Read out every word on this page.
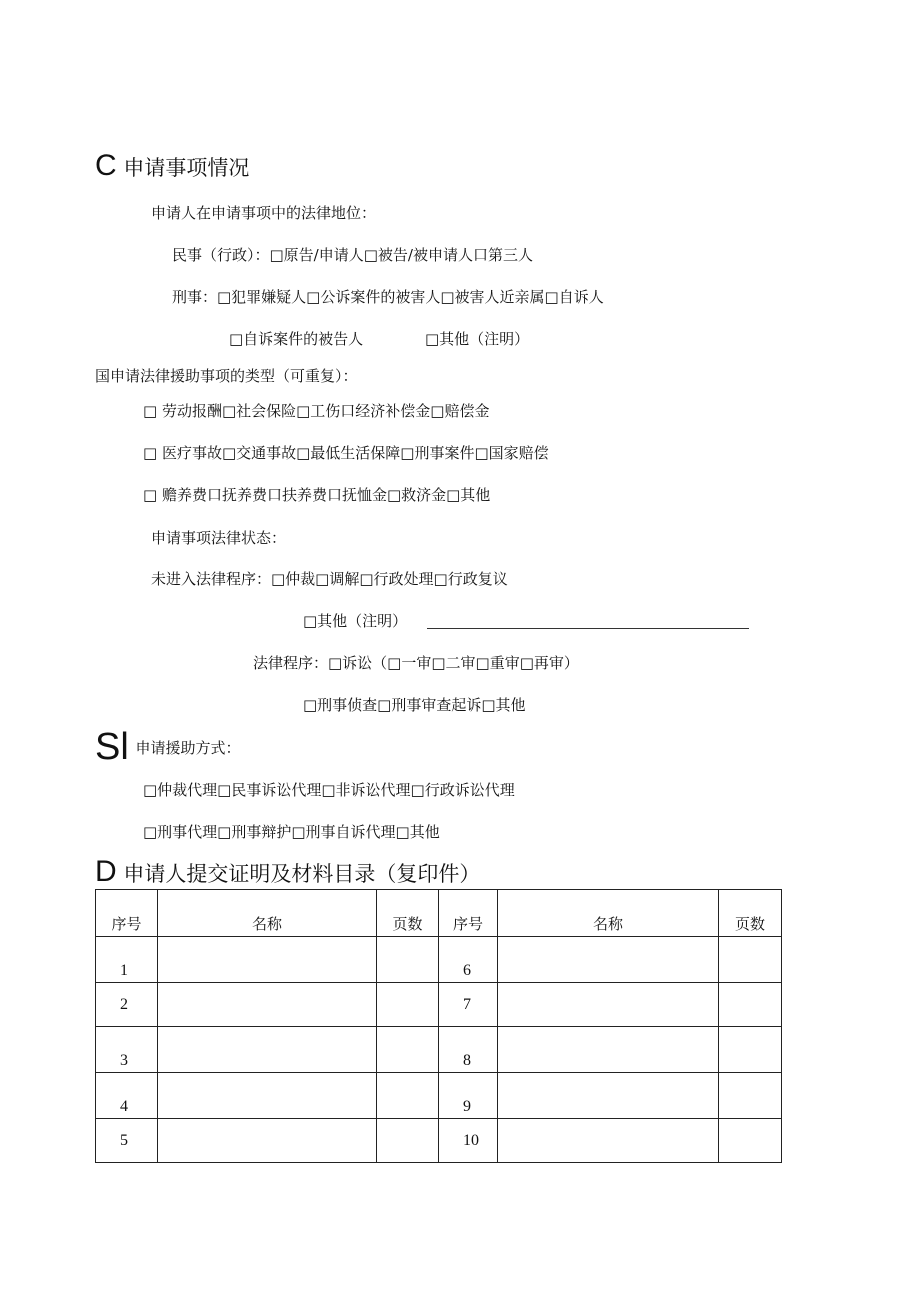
C 申请事项情况
申请人在申请事项中的法律地位：
民事（行政）：□原告/申请人□被告/被申请人口第三人
刑事：□犯罪嫌疑人□公诉案件的被害人□被害人近亲属□自诉人
□自诉案件的被告人	□其他（注明）
国申请法律援助事项的类型（可重复）：
□ 劳动报酬□社会保险□工伤口经济补偿金□赔偿金
□ 医疗事故□交通事故□最低生活保障□刑事案件□国家赔偿
□ 赡养费口抚养费口扶养费口抚恤金□救济金□其他
申请事项法律状态：
未进入法律程序：□仲裁□调解□行政处理□行政复议
□其他（注明）
法律程序：□诉讼（□一审□二审□重审□再审）
□刑事侦查□刑事审查起诉□其他
Sl 申请援助方式：
□仲裁代理□民事诉讼代理□非诉讼代理□行政诉讼代理
□刑事代理□刑事辩护□刑事自诉代理□其他
D 申请人提交证明及材料目录（复印件）
序号	名称	页数	序号	名称	页数
1			6		
2			7		
3			8		
4			9		
5			10		
